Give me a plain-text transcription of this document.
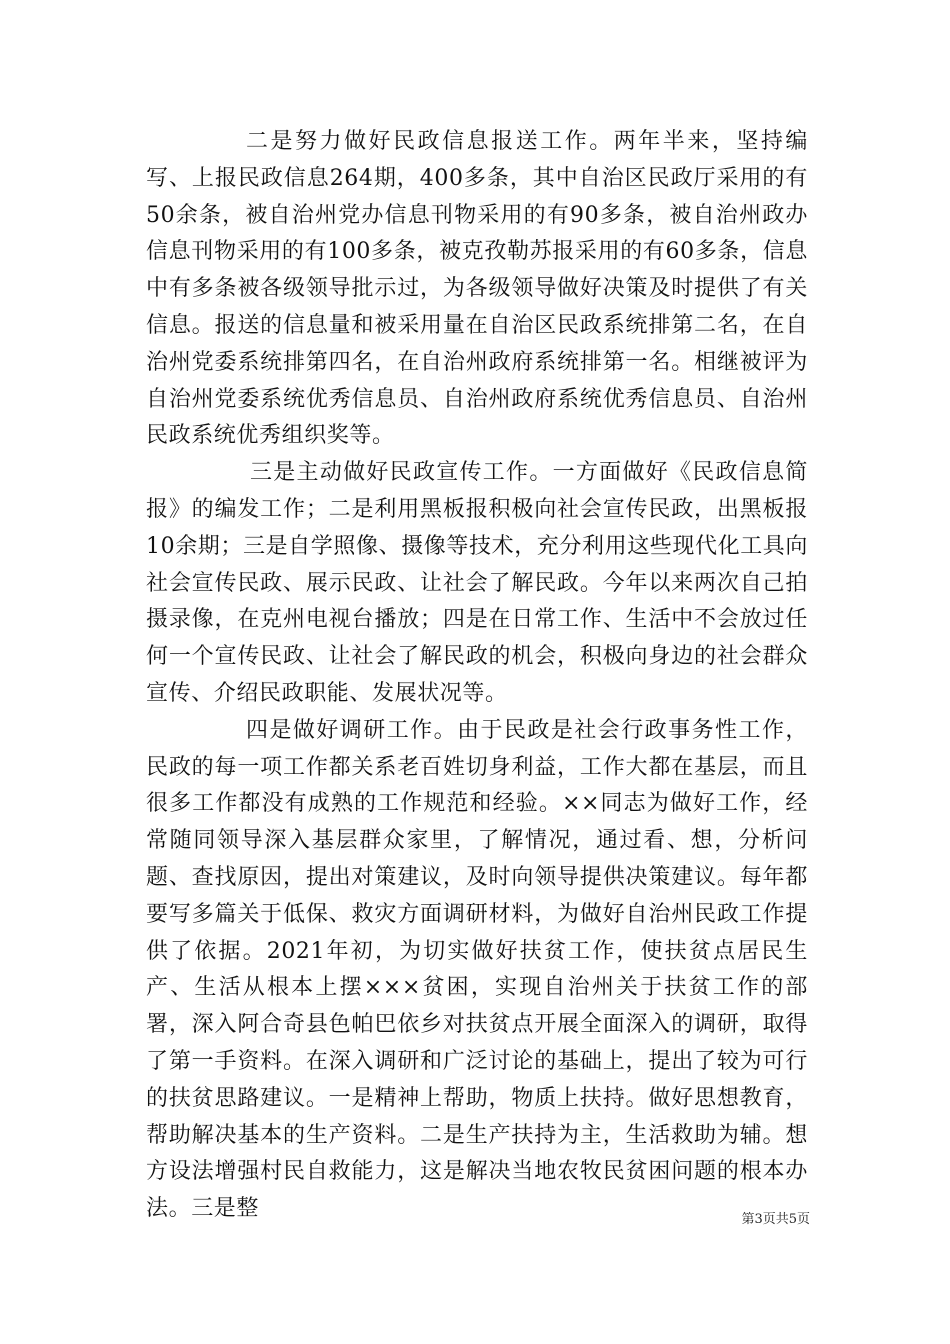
二是努力做好民政信息报送工作。两年半来，坚持编写、上报民政信息264期，400多条，其中自治区民政厅采用的有50余条，被自治州党办信息刊物采用的有90多条，被自治州政办信息刊物采用的有100多条，被克孜勒苏报采用的有60多条，信息中有多条被各级领导批示过，为各级领导做好决策及时提供了有关信息。报送的信息量和被采用量在自治区民政系统排第二名，在自治州党委系统排第四名，在自治州政府系统排第一名。相继被评为自治州党委系统优秀信息员、自治州政府系统优秀信息员、自治州民政系统优秀组织奖等。

三是主动做好民政宣传工作。一方面做好《民政信息简报》的编发工作；二是利用黑板报积极向社会宣传民政，出黑板报10余期；三是自学照像、摄像等技术，充分利用这些现代化工具向社会宣传民政、展示民政、让社会了解民政。今年以来两次自己拍摄录像，在克州电视台播放；四是在日常工作、生活中不会放过任何一个宣传民政、让社会了解民政的机会，积极向身边的社会群众宣传、介绍民政职能、发展状况等。

四是做好调研工作。由于民政是社会行政事务性工作，民政的每一项工作都关系老百姓切身利益，工作大都在基层，而且很多工作都没有成熟的工作规范和经验。××同志为做好工作，经常随同领导深入基层群众家里，了解情况，通过看、想，分析问题、查找原因，提出对策建议，及时向领导提供决策建议。每年都要写多篇关于低保、救灾方面调研材料，为做好自治州民政工作提供了依据。2021年初，为切实做好扶贫工作，使扶贫点居民生产、生活从根本上摆×××贫困，实现自治州关于扶贫工作的部署，深入阿合奇县色帕巴依乡对扶贫点开展全面深入的调研，取得了第一手资料。在深入调研和广泛讨论的基础上，提出了较为可行的扶贫思路建议。一是精神上帮助，物质上扶持。做好思想教育，帮助解决基本的生产资料。二是生产扶持为主，生活救助为辅。想方设法增强村民自救能力，这是解决当地农牧民贫困问题的根本办法。三是整	第3页共5页
